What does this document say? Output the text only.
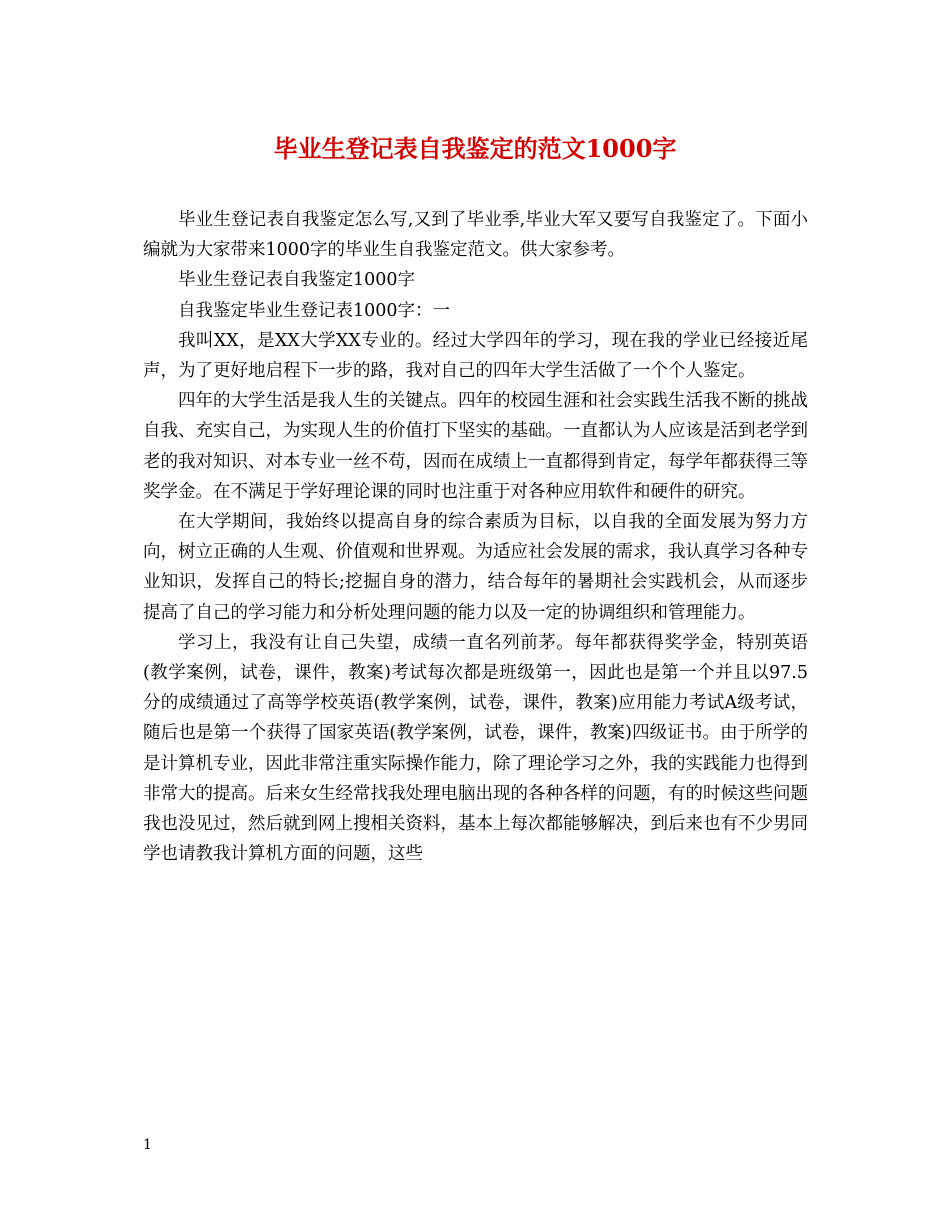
毕业生登记表自我鉴定的范文1000字

毕业生登记表自我鉴定怎么写,又到了毕业季,毕业大军又要写自我鉴定了。下面小编就为大家带来1000字的毕业生自我鉴定范文。供大家参考。

毕业生登记表自我鉴定1000字

自我鉴定毕业生登记表1000字：一

我叫XX，是XX大学XX专业的。经过大学四年的学习，现在我的学业已经接近尾声，为了更好地启程下一步的路，我对自己的四年大学生活做了一个个人鉴定。

四年的大学生活是我人生的关键点。四年的校园生涯和社会实践生活我不断的挑战自我、充实自己，为实现人生的价值打下坚实的基础。一直都认为人应该是活到老学到老的我对知识、对本专业一丝不苟，因而在成绩上一直都得到肯定，每学年都获得三等奖学金。在不满足于学好理论课的同时也注重于对各种应用软件和硬件的研究。

在大学期间，我始终以提高自身的综合素质为目标，以自我的全面发展为努力方向，树立正确的人生观、价值观和世界观。为适应社会发展的需求，我认真学习各种专业知识，发挥自己的特长;挖掘自身的潜力，结合每年的暑期社会实践机会，从而逐步提高了自己的学习能力和分析处理问题的能力以及一定的协调组织和管理能力。

学习上，我没有让自己失望，成绩一直名列前茅。每年都获得奖学金，特别英语(教学案例，试卷，课件，教案)考试每次都是班级第一，因此也是第一个并且以97.5分的成绩通过了高等学校英语(教学案例，试卷，课件，教案)应用能力考试A级考试，随后也是第一个获得了国家英语(教学案例，试卷，课件，教案)四级证书。由于所学的是计算机专业，因此非常注重实际操作能力，除了理论学习之外，我的实践能力也得到非常大的提高。后来女生经常找我处理电脑出现的各种各样的问题，有的时候这些问题我也没见过，然后就到网上搜相关资料，基本上每次都能够解决，到后来也有不少男同学也请教我计算机方面的问题，这些

1
